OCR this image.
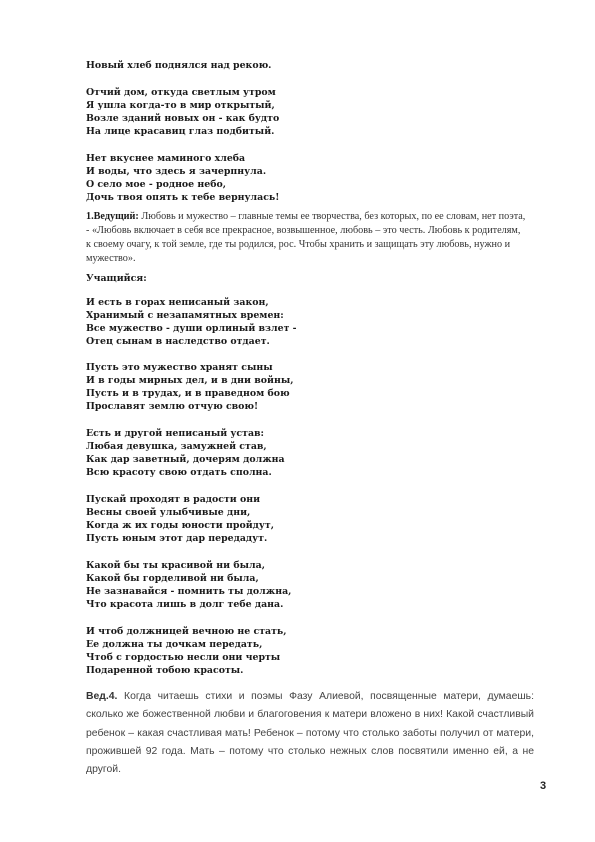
Новый хлеб поднялся над рекою.
Отчий дом, откуда светлым утром
Я ушла когда-то в мир открытый,
Возле зданий новых он - как будто
На лице красавиц глаз подбитый.
Нет вкуснее маминого хлеба
И воды, что здесь я зачерпнула.
О село мое - родное небо,
Дочь твоя опять к тебе вернулась!
1.Ведущий: Любовь и мужество – главные темы ее творчества, без которых, по ее словам, нет поэта, - «Любовь включает в себя все прекрасное, возвышенное, любовь – это честь. Любовь к родителям, к своему очагу, к той земле, где ты родился, рос. Чтобы хранить и защищать эту любовь, нужно и мужество».
Учащийся:
И есть в горах неписаный закон,
Хранимый с незапамятных времен:
Все мужество - души орлиный взлет -
Отец сынам в наследство отдает.
Пусть это мужество хранят сыны
И в годы мирных дел, и в дни войны,
Пусть и в трудах, и в праведном бою
Прославят землю отчую свою!
Есть и другой неписаный устав:
Любая девушка, замужней став,
Как дар заветный, дочерям должна
Всю красоту свою отдать сполна.
Пускай проходят в радости они
Весны своей улыбчивые дни,
Когда ж их годы юности пройдут,
Пусть юным этот дар передадут.
Какой бы ты красивой ни была,
Какой бы горделивой ни была,
Не зазнавайся - помнить ты должна,
Что красота лишь в долг тебе дана.
И чтоб должницей вечною не стать,
Ее должна ты дочкам передать,
Чтоб с гордостью несли они черты
Подаренной тобою красоты.
Вед.4. Когда читаешь стихи и поэмы Фазу Алиевой, посвященные матери, думаешь: сколько же божественной любви и благоговения к матери вложено в них! Какой счастливый ребенок – какая счастливая мать! Ребенок – потому что столько заботы получил от матери, прожившей 92 года. Мать – потому что столько нежных слов посвятили именно ей, а не другой.
3
